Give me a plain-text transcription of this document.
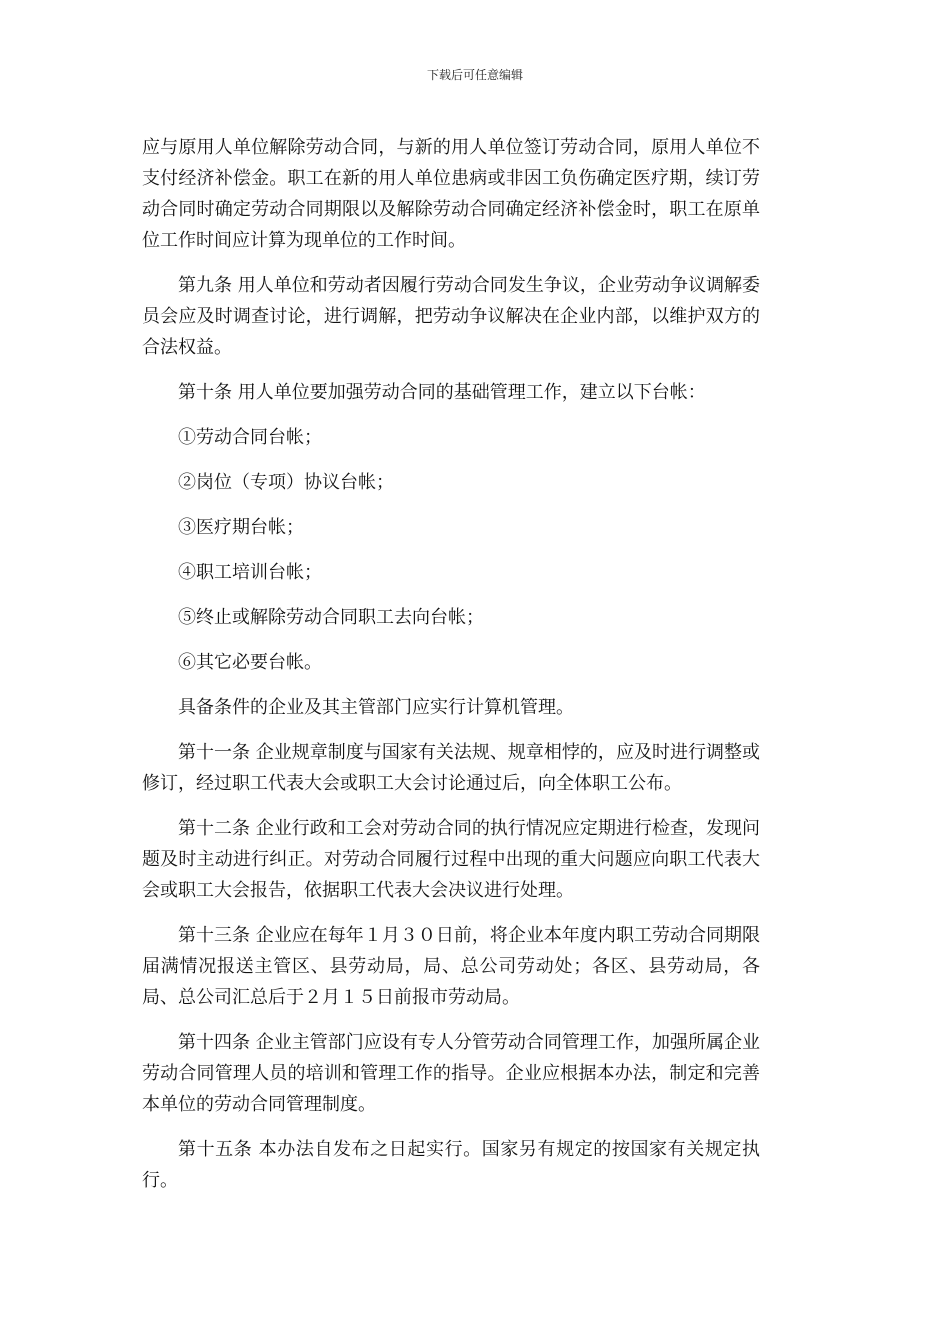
下载后可任意编辑

应与原用人单位解除劳动合同，与新的用人单位签订劳动合同，原用人单位不支付经济补偿金。职工在新的用人单位患病或非因工负伤确定医疗期，续订劳动合同时确定劳动合同期限以及解除劳动合同确定经济补偿金时，职工在原单位工作时间应计算为现单位的工作时间。

第九条 用人单位和劳动者因履行劳动合同发生争议，企业劳动争议调解委员会应及时调查讨论，进行调解，把劳动争议解决在企业内部，以维护双方的合法权益。

第十条 用人单位要加强劳动合同的基础管理工作，建立以下台帐：

①劳动合同台帐；

②岗位（专项）协议台帐；

③医疗期台帐；

④职工培训台帐；

⑤终止或解除劳动合同职工去向台帐；

⑥其它必要台帐。

具备条件的企业及其主管部门应实行计算机管理。

第十一条 企业规章制度与国家有关法规、规章相悖的，应及时进行调整或修订，经过职工代表大会或职工大会讨论通过后，向全体职工公布。

第十二条 企业行政和工会对劳动合同的执行情况应定期进行检查，发现问题及时主动进行纠正。对劳动合同履行过程中出现的重大问题应向职工代表大会或职工大会报告，依据职工代表大会决议进行处理。

第十三条 企业应在每年１月３０日前，将企业本年度内职工劳动合同期限届满情况报送主管区、县劳动局，局、总公司劳动处；各区、县劳动局，各局、总公司汇总后于２月１５日前报市劳动局。

第十四条 企业主管部门应设有专人分管劳动合同管理工作，加强所属企业劳动合同管理人员的培训和管理工作的指导。企业应根据本办法，制定和完善本单位的劳动合同管理制度。

第十五条 本办法自发布之日起实行。国家另有规定的按国家有关规定执行。
